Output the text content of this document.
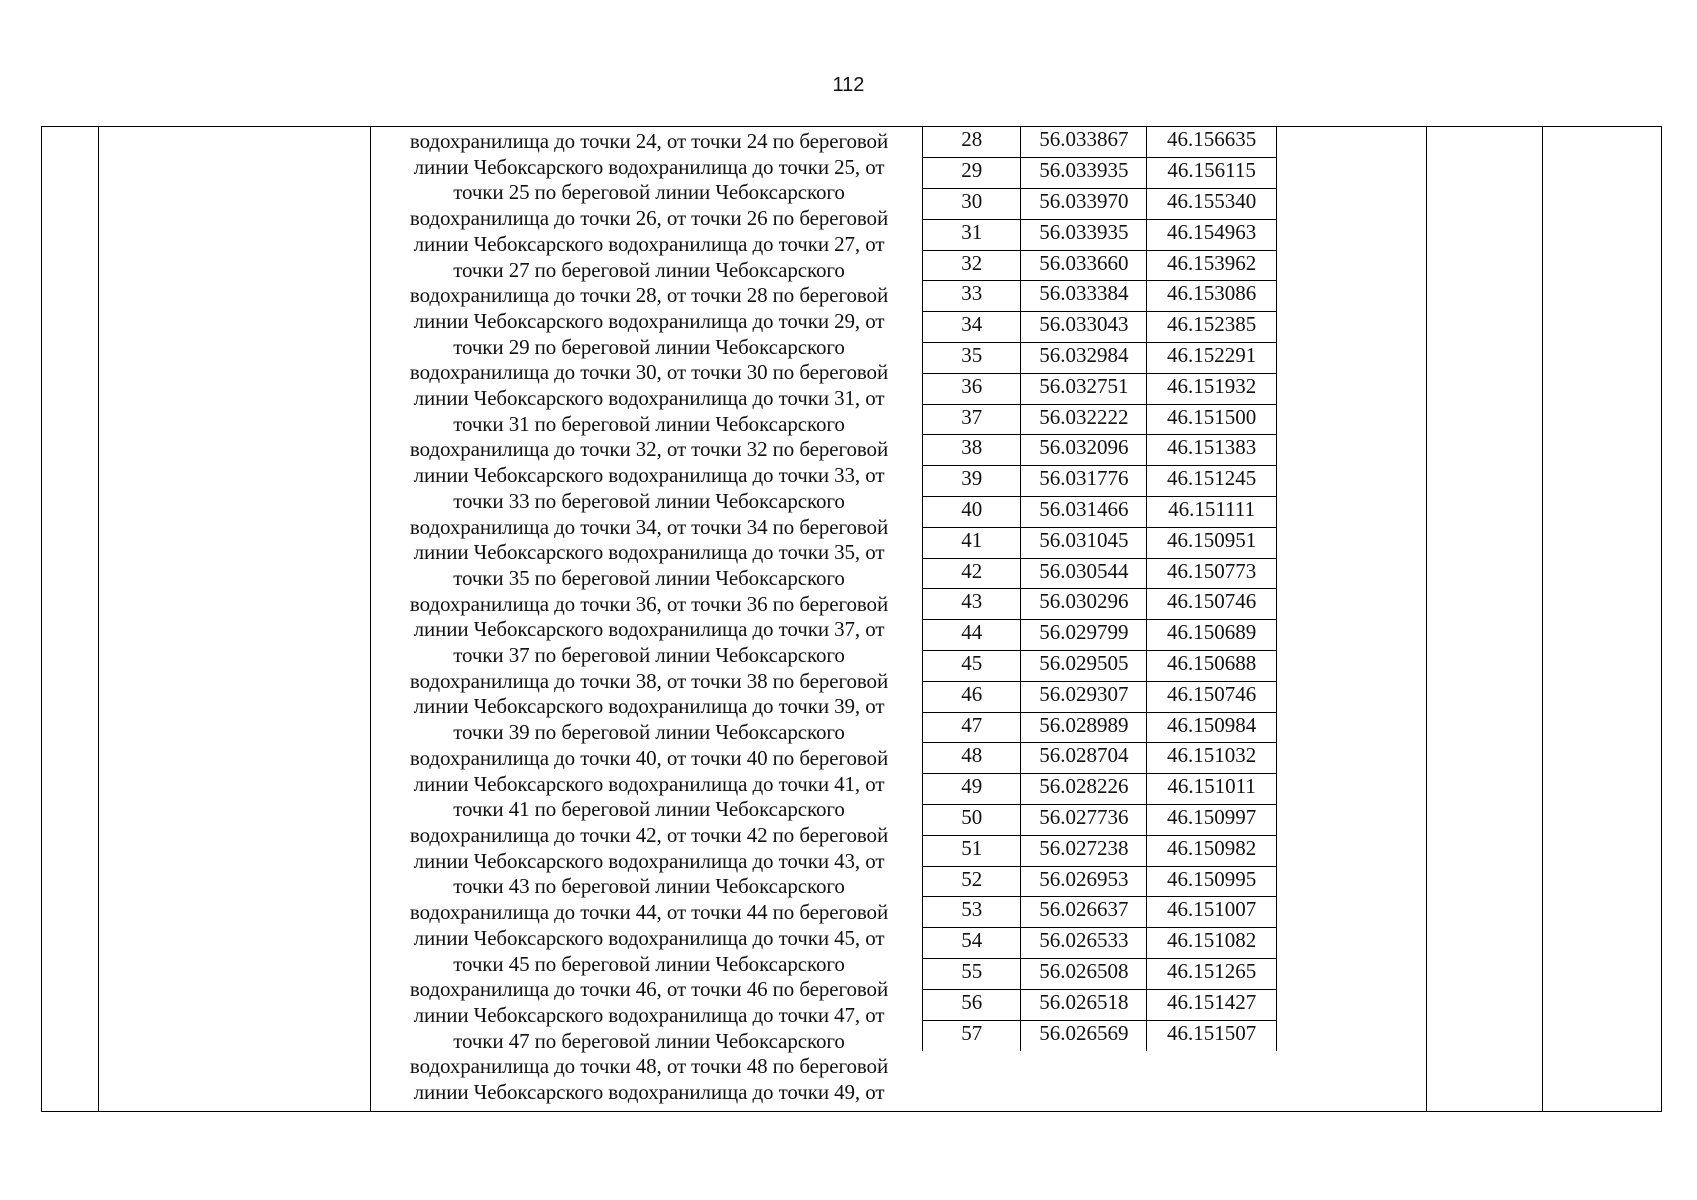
112
водохранилища до точки 24, от точки 24 по береговой
линии Чебоксарского водохранилища до точки 25, от
точки 25 по береговой линии Чебоксарского
водохранилища до точки 26, от точки 26 по береговой
линии Чебоксарского водохранилища до точки 27, от
точки 27 по береговой линии Чебоксарского
водохранилища до точки 28, от точки 28 по береговой
линии Чебоксарского водохранилища до точки 29, от
точки 29 по береговой линии Чебоксарского
водохранилища до точки 30, от точки 30 по береговой
линии Чебоксарского водохранилища до точки 31, от
точки 31 по береговой линии Чебоксарского
водохранилища до точки 32, от точки 32 по береговой
линии Чебоксарского водохранилища до точки 33, от
точки 33 по береговой линии Чебоксарского
водохранилища до точки 34, от точки 34 по береговой
линии Чебоксарского водохранилища до точки 35, от
точки 35 по береговой линии Чебоксарского
водохранилища до точки 36, от точки 36 по береговой
линии Чебоксарского водохранилища до точки 37, от
точки 37 по береговой линии Чебоксарского
водохранилища до точки 38, от точки 38 по береговой
линии Чебоксарского водохранилища до точки 39, от
точки 39 по береговой линии Чебоксарского
водохранилища до точки 40, от точки 40 по береговой
линии Чебоксарского водохранилища до точки 41, от
точки 41 по береговой линии Чебоксарского
водохранилища до точки 42, от точки 42 по береговой
линии Чебоксарского водохранилища до точки 43, от
точки 43 по береговой линии Чебоксарского
водохранилища до точки 44, от точки 44 по береговой
линии Чебоксарского водохранилища до точки 45, от
точки 45 по береговой линии Чебоксарского
водохранилища до точки 46, от точки 46 по береговой
линии Чебоксарского водохранилища до точки 47, от
точки 47 по береговой линии Чебоксарского
водохранилища до точки 48, от точки 48 по береговой
линии Чебоксарского водохранилища до точки 49, от
28	56.033867	46.156635
29	56.033935	46.156115
30	56.033970	46.155340
31	56.033935	46.154963
32	56.033660	46.153962
33	56.033384	46.153086
34	56.033043	46.152385
35	56.032984	46.152291
36	56.032751	46.151932
37	56.032222	46.151500
38	56.032096	46.151383
39	56.031776	46.151245
40	56.031466	46.151111
41	56.031045	46.150951
42	56.030544	46.150773
43	56.030296	46.150746
44	56.029799	46.150689
45	56.029505	46.150688
46	56.029307	46.150746
47	56.028989	46.150984
48	56.028704	46.151032
49	56.028226	46.151011
50	56.027736	46.150997
51	56.027238	46.150982
52	56.026953	46.150995
53	56.026637	46.151007
54	56.026533	46.151082
55	56.026508	46.151265
56	56.026518	46.151427
57	56.026569	46.151507
